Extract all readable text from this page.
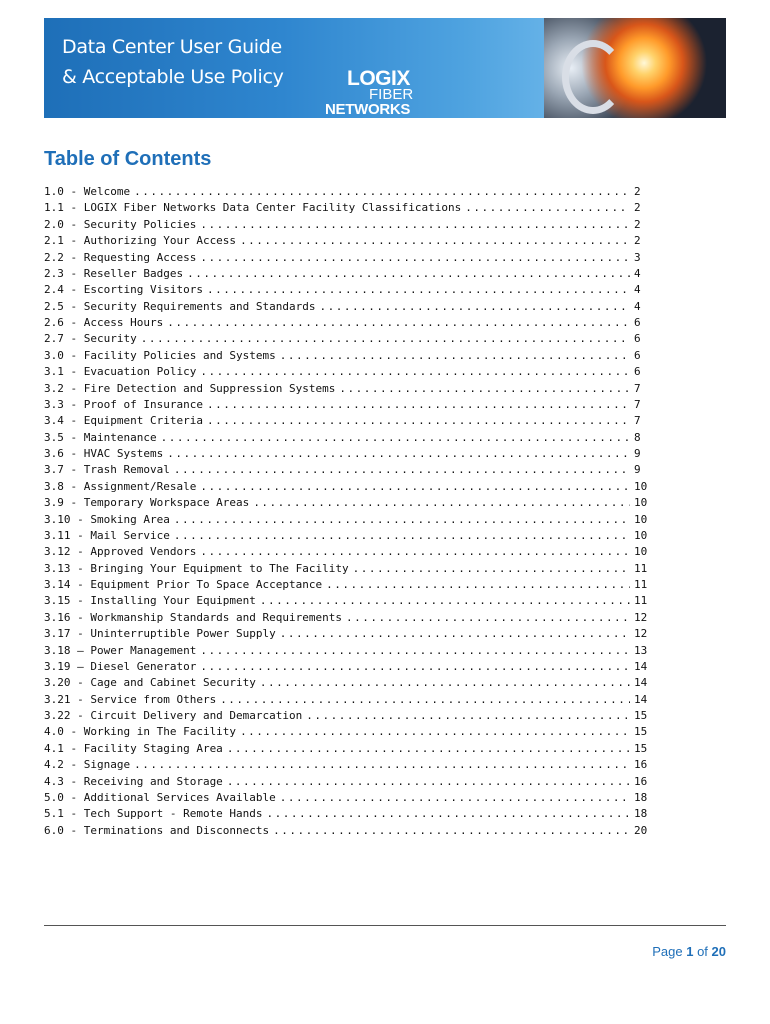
Data Center User Guide
& Acceptable Use Policy	LOGIX
FIBER
NETWORKS
Table of Contents
1.0 - Welcome .....	2
1.1 - LOGIX Fiber Networks Data Center Facility Classifications .....	2
2.0 - Security Policies .....	2
2.1 - Authorizing Your Access .....	2
2.2 - Requesting Access .....	3
2.3 - Reseller Badges .....	4
2.4 - Escorting Visitors .....	4
2.5 - Security Requirements and Standards .....	4
2.6 - Access Hours .....	6
2.7 - Security .....	6
3.0 - Facility Policies and Systems .....	6
3.1 - Evacuation Policy .....	6
3.2 - Fire Detection and Suppression Systems .....	7
3.3 - Proof of Insurance .....	7
3.4 - Equipment Criteria .....	7
3.5 - Maintenance .....	8
3.6 - HVAC Systems .....	9
3.7 - Trash Removal .....	9
3.8 - Assignment/Resale .....	10
3.9 - Temporary Workspace Areas .....	10
3.10 - Smoking Area .....	10
3.11 - Mail Service .....	10
3.12 - Approved Vendors .....	10
3.13 - Bringing Your Equipment to The Facility .....	11
3.14 - Equipment Prior To Space Acceptance .....	11
3.15 - Installing Your Equipment .....	11
3.16 - Workmanship Standards and Requirements .....	12
3.17 - Uninterruptible Power Supply .....	12
3.18 – Power Management .....	13
3.19 – Diesel Generator .....	14
3.20 - Cage and Cabinet Security .....	14
3.21 - Service from Others .....	14
3.22 - Circuit Delivery and Demarcation .....	15
4.0 - Working in The Facility .....	15
4.1 - Facility Staging Area .....	15
4.2 - Signage .....	16
4.3 - Receiving and Storage .....	16
5.0 - Additional Services Available .....	18
5.1 - Tech Support - Remote Hands .....	18
6.0 - Terminations and Disconnects .....	20
Page 1 of 20
